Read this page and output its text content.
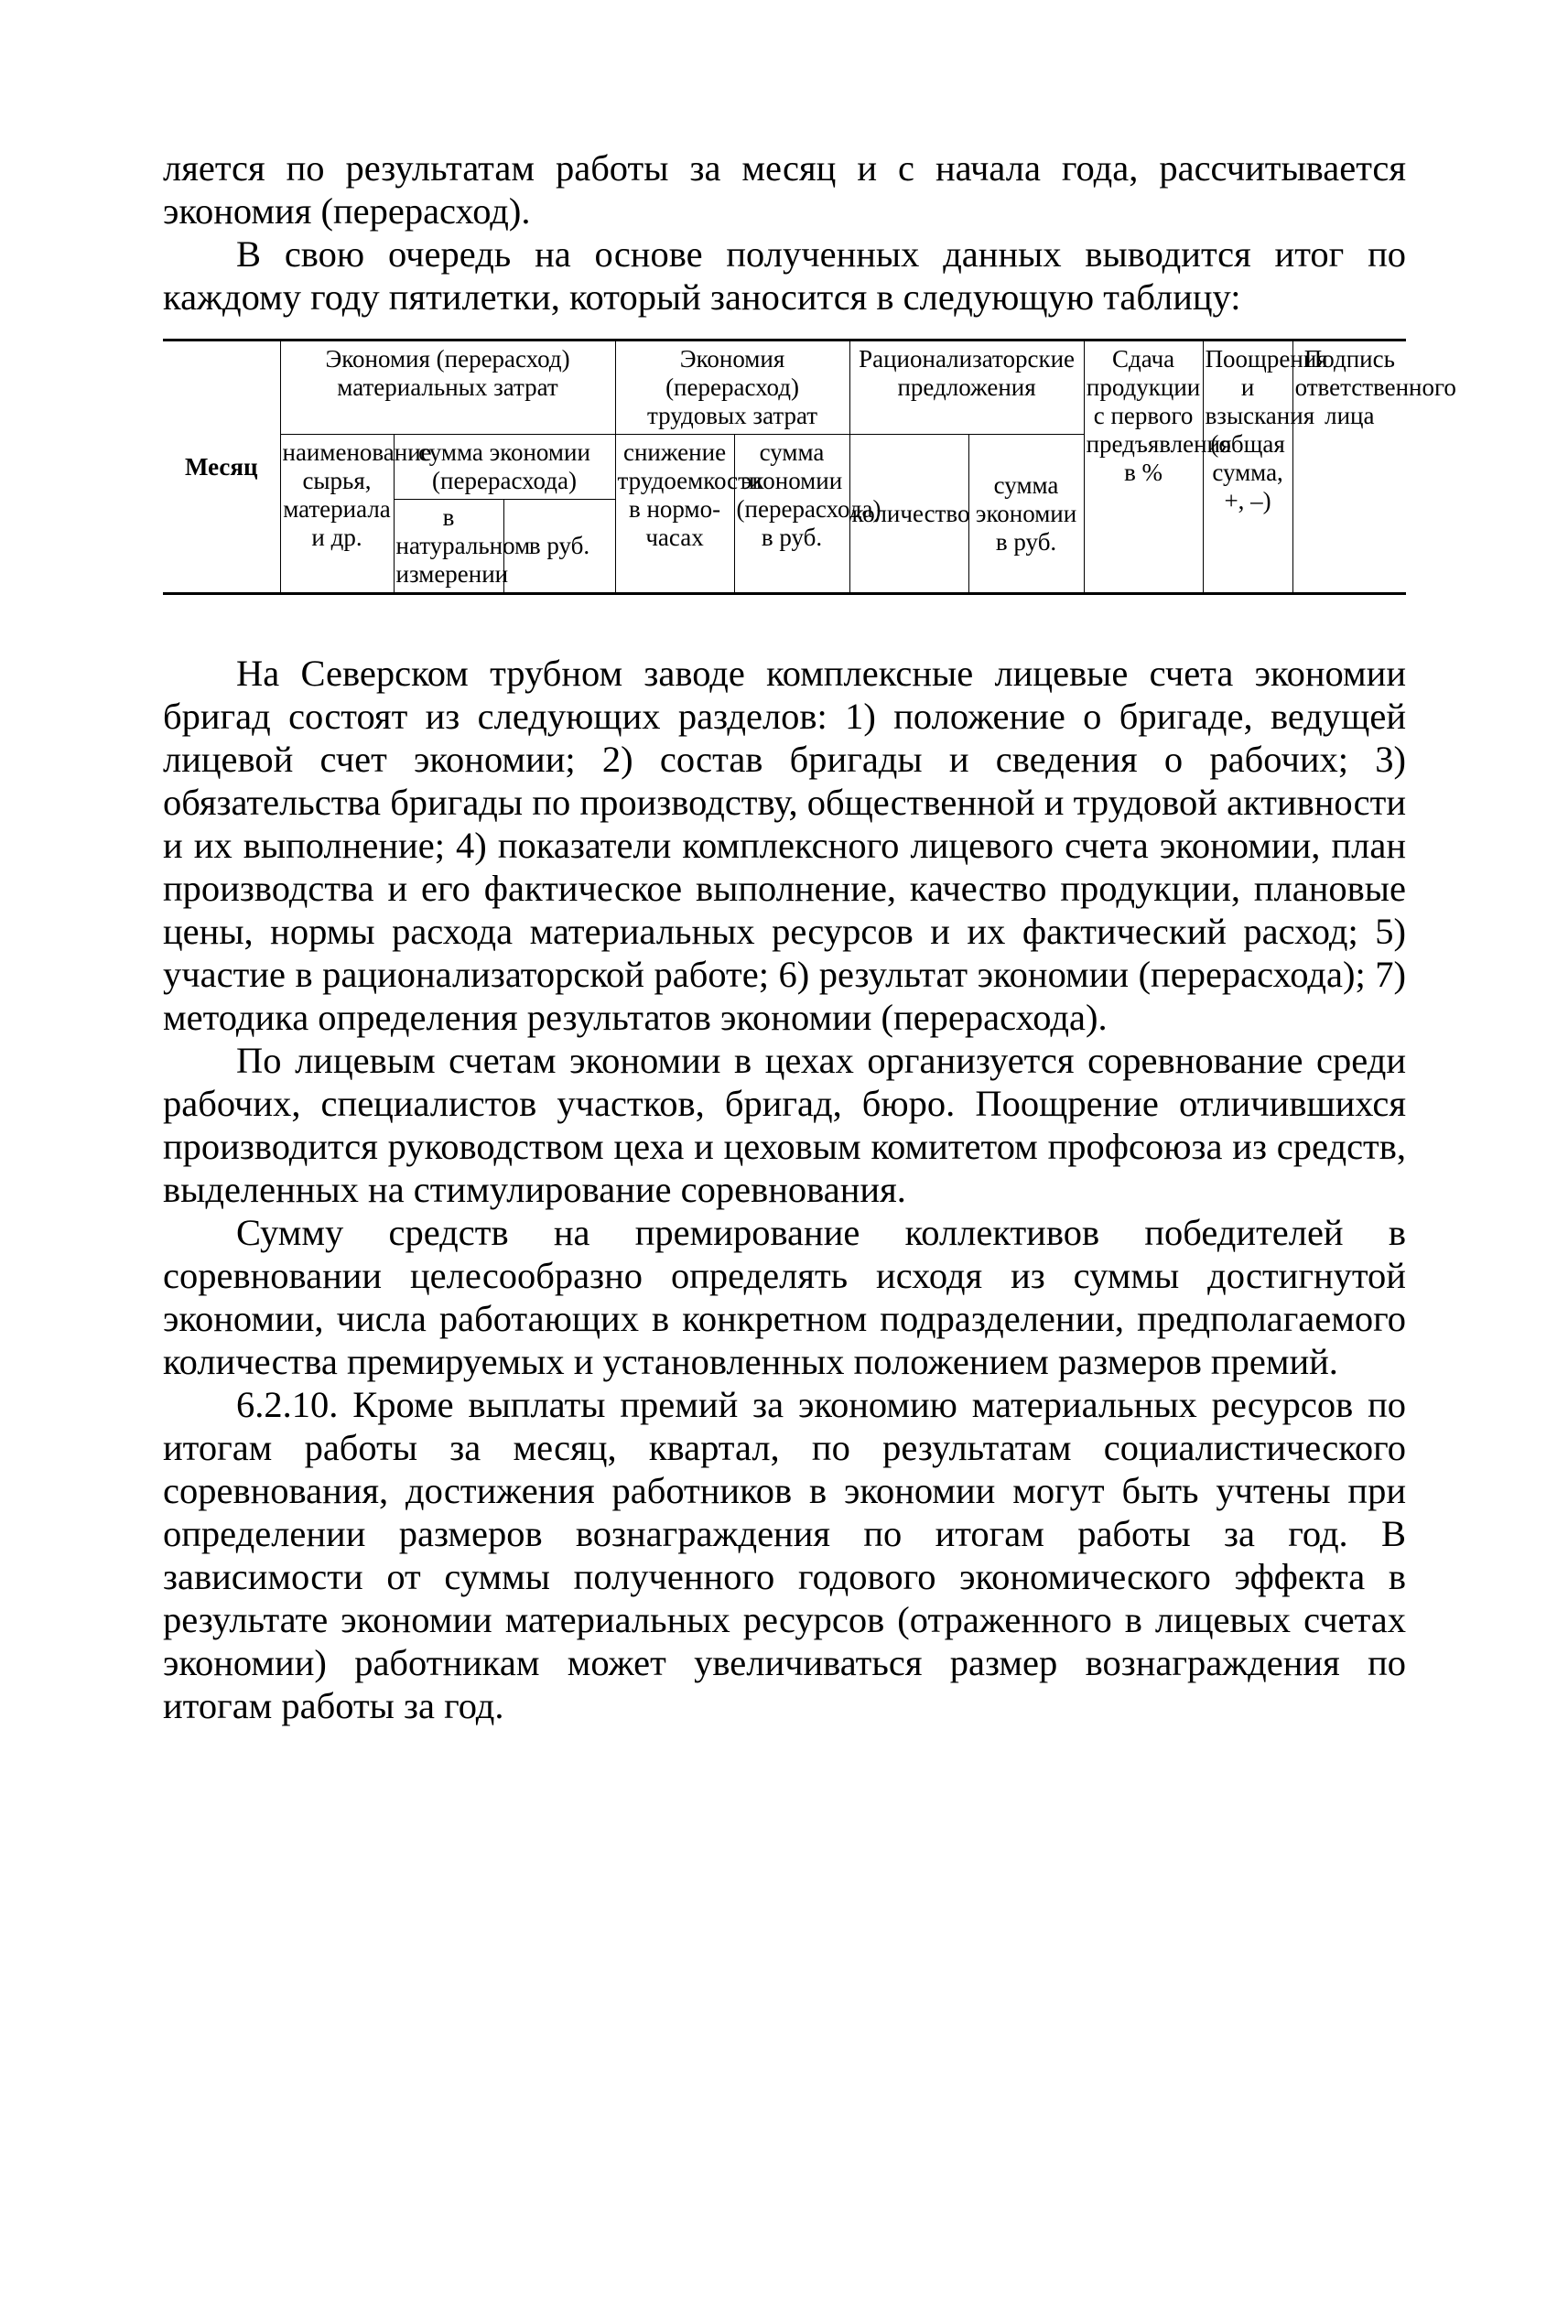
ляется по результатам работы за месяц и с начала года, рассчитывается экономия (перерасход).

В свою очередь на основе полученных данных выводится итог по каждому году пятилетки, который заносится в следующую таблицу:

Месяц	Экономия (перерасход) материальных затрат			Экономия (перерасход) трудовых затрат		Рационализаторские предложения		Сдача продукции с первого предъявления в %	Поощрения и взыскания (общая сумма, +, –)	Подпись ответственного лица
	наименование сырья, материала и др.	сумма экономии (перерасхода)		снижение трудоемкости в нормо-часах	сумма экономии (перерасхода) в руб.	количество	сумма экономии в руб.			
		в натуральном измерении	в руб.							

На Северском трубном заводе комплексные лицевые счета экономии бригад состоят из следующих разделов: 1) положение о бригаде, ведущей лицевой счет экономии; 2) состав бригады и сведения о рабочих; 3) обязательства бригады по производству, общественной и трудовой активности и их выполнение; 4) показатели комплексного лицевого счета экономии, план производства и его фактическое выполнение, качество продукции, плановые цены, нормы расхода материальных ресурсов и их фактический расход; 5) участие в рационализаторской работе; 6) результат экономии (перерасхода); 7) методика определения результатов экономии (перерасхода).

По лицевым счетам экономии в цехах организуется соревнование среди рабочих, специалистов участков, бригад, бюро. Поощрение отличившихся производится руководством цеха и цеховым комитетом профсоюза из средств, выделенных на стимулирование соревнования.

Сумму средств на премирование коллективов победителей в соревновании целесообразно определять исходя из суммы достигнутой экономии, числа работающих в конкретном подразделении, предполагаемого количества премируемых и установленных положением размеров премий.

6.2.10. Кроме выплаты премий за экономию материальных ресурсов по итогам работы за месяц, квартал, по результатам социалистического соревнования, достижения работников в экономии могут быть учтены при определении размеров вознаграждения по итогам работы за год. В зависимости от суммы полученного годового экономического эффекта в результате экономии материальных ресурсов (отраженного в лицевых счетах экономии) работникам может увеличиваться размер вознаграждения по итогам работы за год.
